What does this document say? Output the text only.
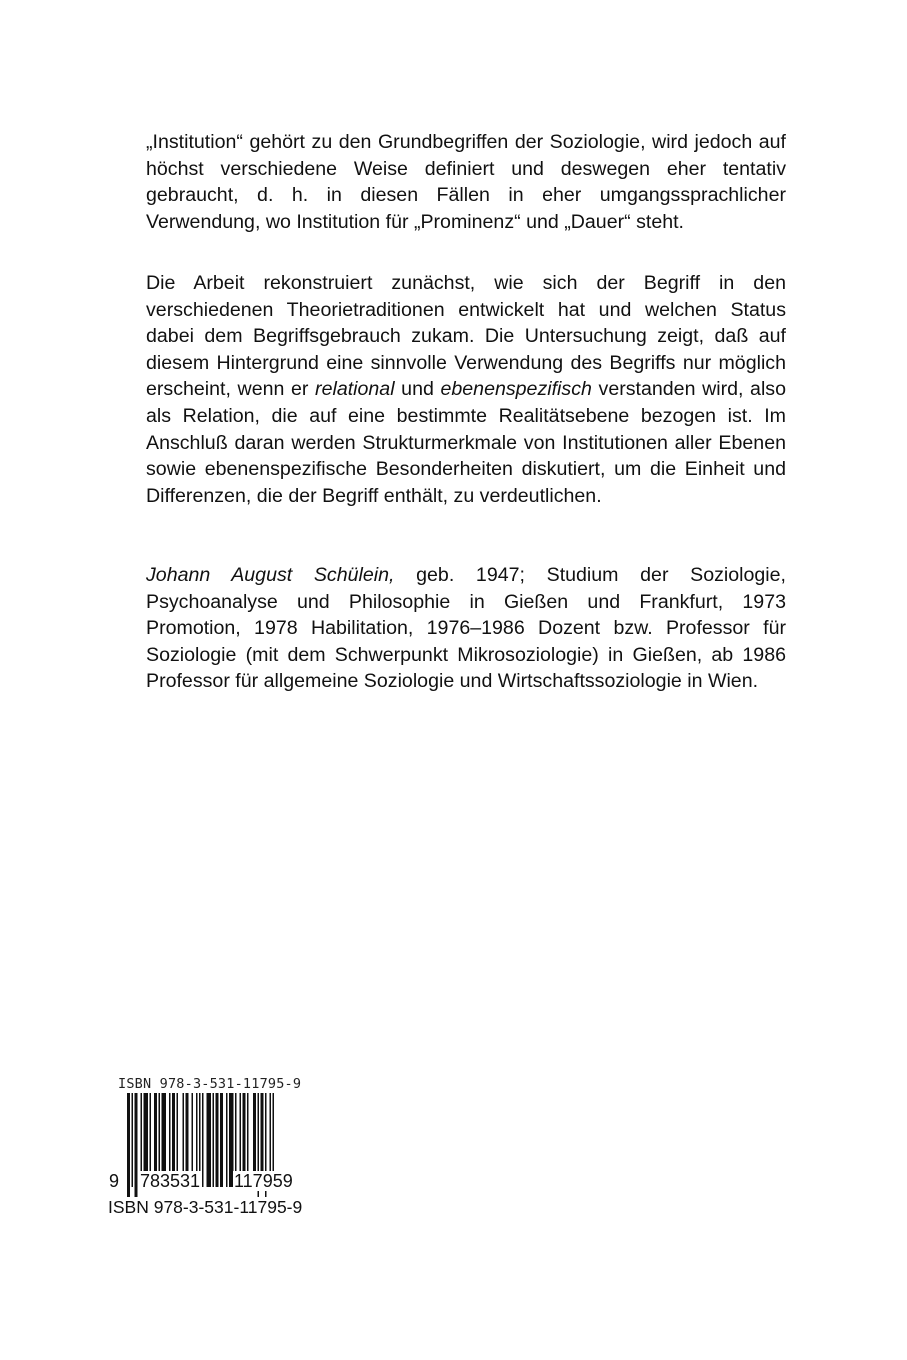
„Institution“ gehört zu den Grundbegriffen der Soziologie, wird jedoch auf höchst verschiedene Weise definiert und deswegen eher tentativ gebraucht, d. h. in diesen Fällen in eher umgangssprachlicher Verwendung, wo Institution für „Prominenz“ und „Dauer“ steht.

Die Arbeit rekonstruiert zunächst, wie sich der Begriff in den verschiedenen Theorietraditionen entwickelt hat und welchen Status dabei dem Begriffsgebrauch zukam. Die Untersuchung zeigt, daß auf diesem Hintergrund eine sinnvolle Verwendung des Begriffs nur möglich erscheint, wenn er relational und ebenenspezifisch verstanden wird, also als Relation, die auf eine bestimmte Realitätsebene bezogen ist. Im Anschluß daran werden Strukturmerkmale von Institutionen aller Ebenen sowie ebenenspezifische Besonderheiten diskutiert, um die Einheit und Differenzen, die der Begriff enthält, zu verdeutlichen.

Johann August Schülein, geb. 1947; Studium der Soziologie, Psychoanalyse und Philosophie in Gießen und Frankfurt, 1973 Promotion, 1978 Habilitation, 1976–1986 Dozent bzw. Professor für Soziologie (mit dem Schwerpunkt Mikrosoziologie) in Gießen, ab 1986 Professor für allgemeine Soziologie und Wirtschaftssoziologie in Wien.

ISBN 978-3-531-11795-9
9 783531 117959
ISBN 978-3-531-11795-9
